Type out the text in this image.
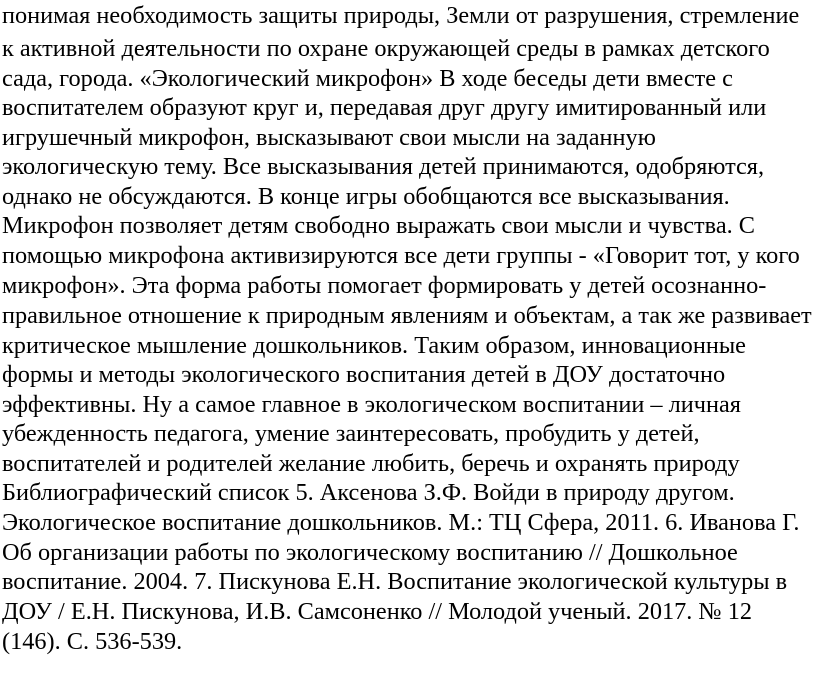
понимая необходимость защиты природы, Земли от разрушения, стремление

к активной деятельности по охране окружающей среды в рамках детского

сада, города. «Экологический микрофон» В ходе беседы дети вместе с

воспитателем образуют круг и, передавая друг другу имитированный или

игрушечный микрофон, высказывают свои мысли на заданную

экологическую тему. Все высказывания детей принимаются, одобряются,

однако не обсуждаются. В конце игры обобщаются все высказывания.

Микрофон позволяет детям свободно выражать свои мысли и чувства. С

помощью микрофона активизируются все дети группы - «Говорит тот, у кого

микрофон». Эта форма работы помогает формировать у детей осознанно-

правильное отношение к природным явлениям и объектам, а так же развивает

критическое мышление дошкольников. Таким образом, инновационные

формы и методы экологического воспитания детей в ДОУ достаточно

эффективны. Ну а самое главное в экологическом воспитании – личная

убежденность педагога, умение заинтересовать, пробудить у детей,

воспитателей и родителей желание любить, беречь и охранять природу

Библиографический список 5. Аксенова З.Ф. Войди в природу другом.

Экологическое воспитание дошкольников. М.: ТЦ Сфера, 2011. 6. Иванова Г.

Об организации работы по экологическому воспитанию // Дошкольное

воспитание. 2004. 7. Пискунова Е.Н. Воспитание экологической культуры в

ДОУ / Е.Н. Пискунова, И.В. Самсоненко // Молодой ученый. 2017. № 12

(146). С. 536-539.
